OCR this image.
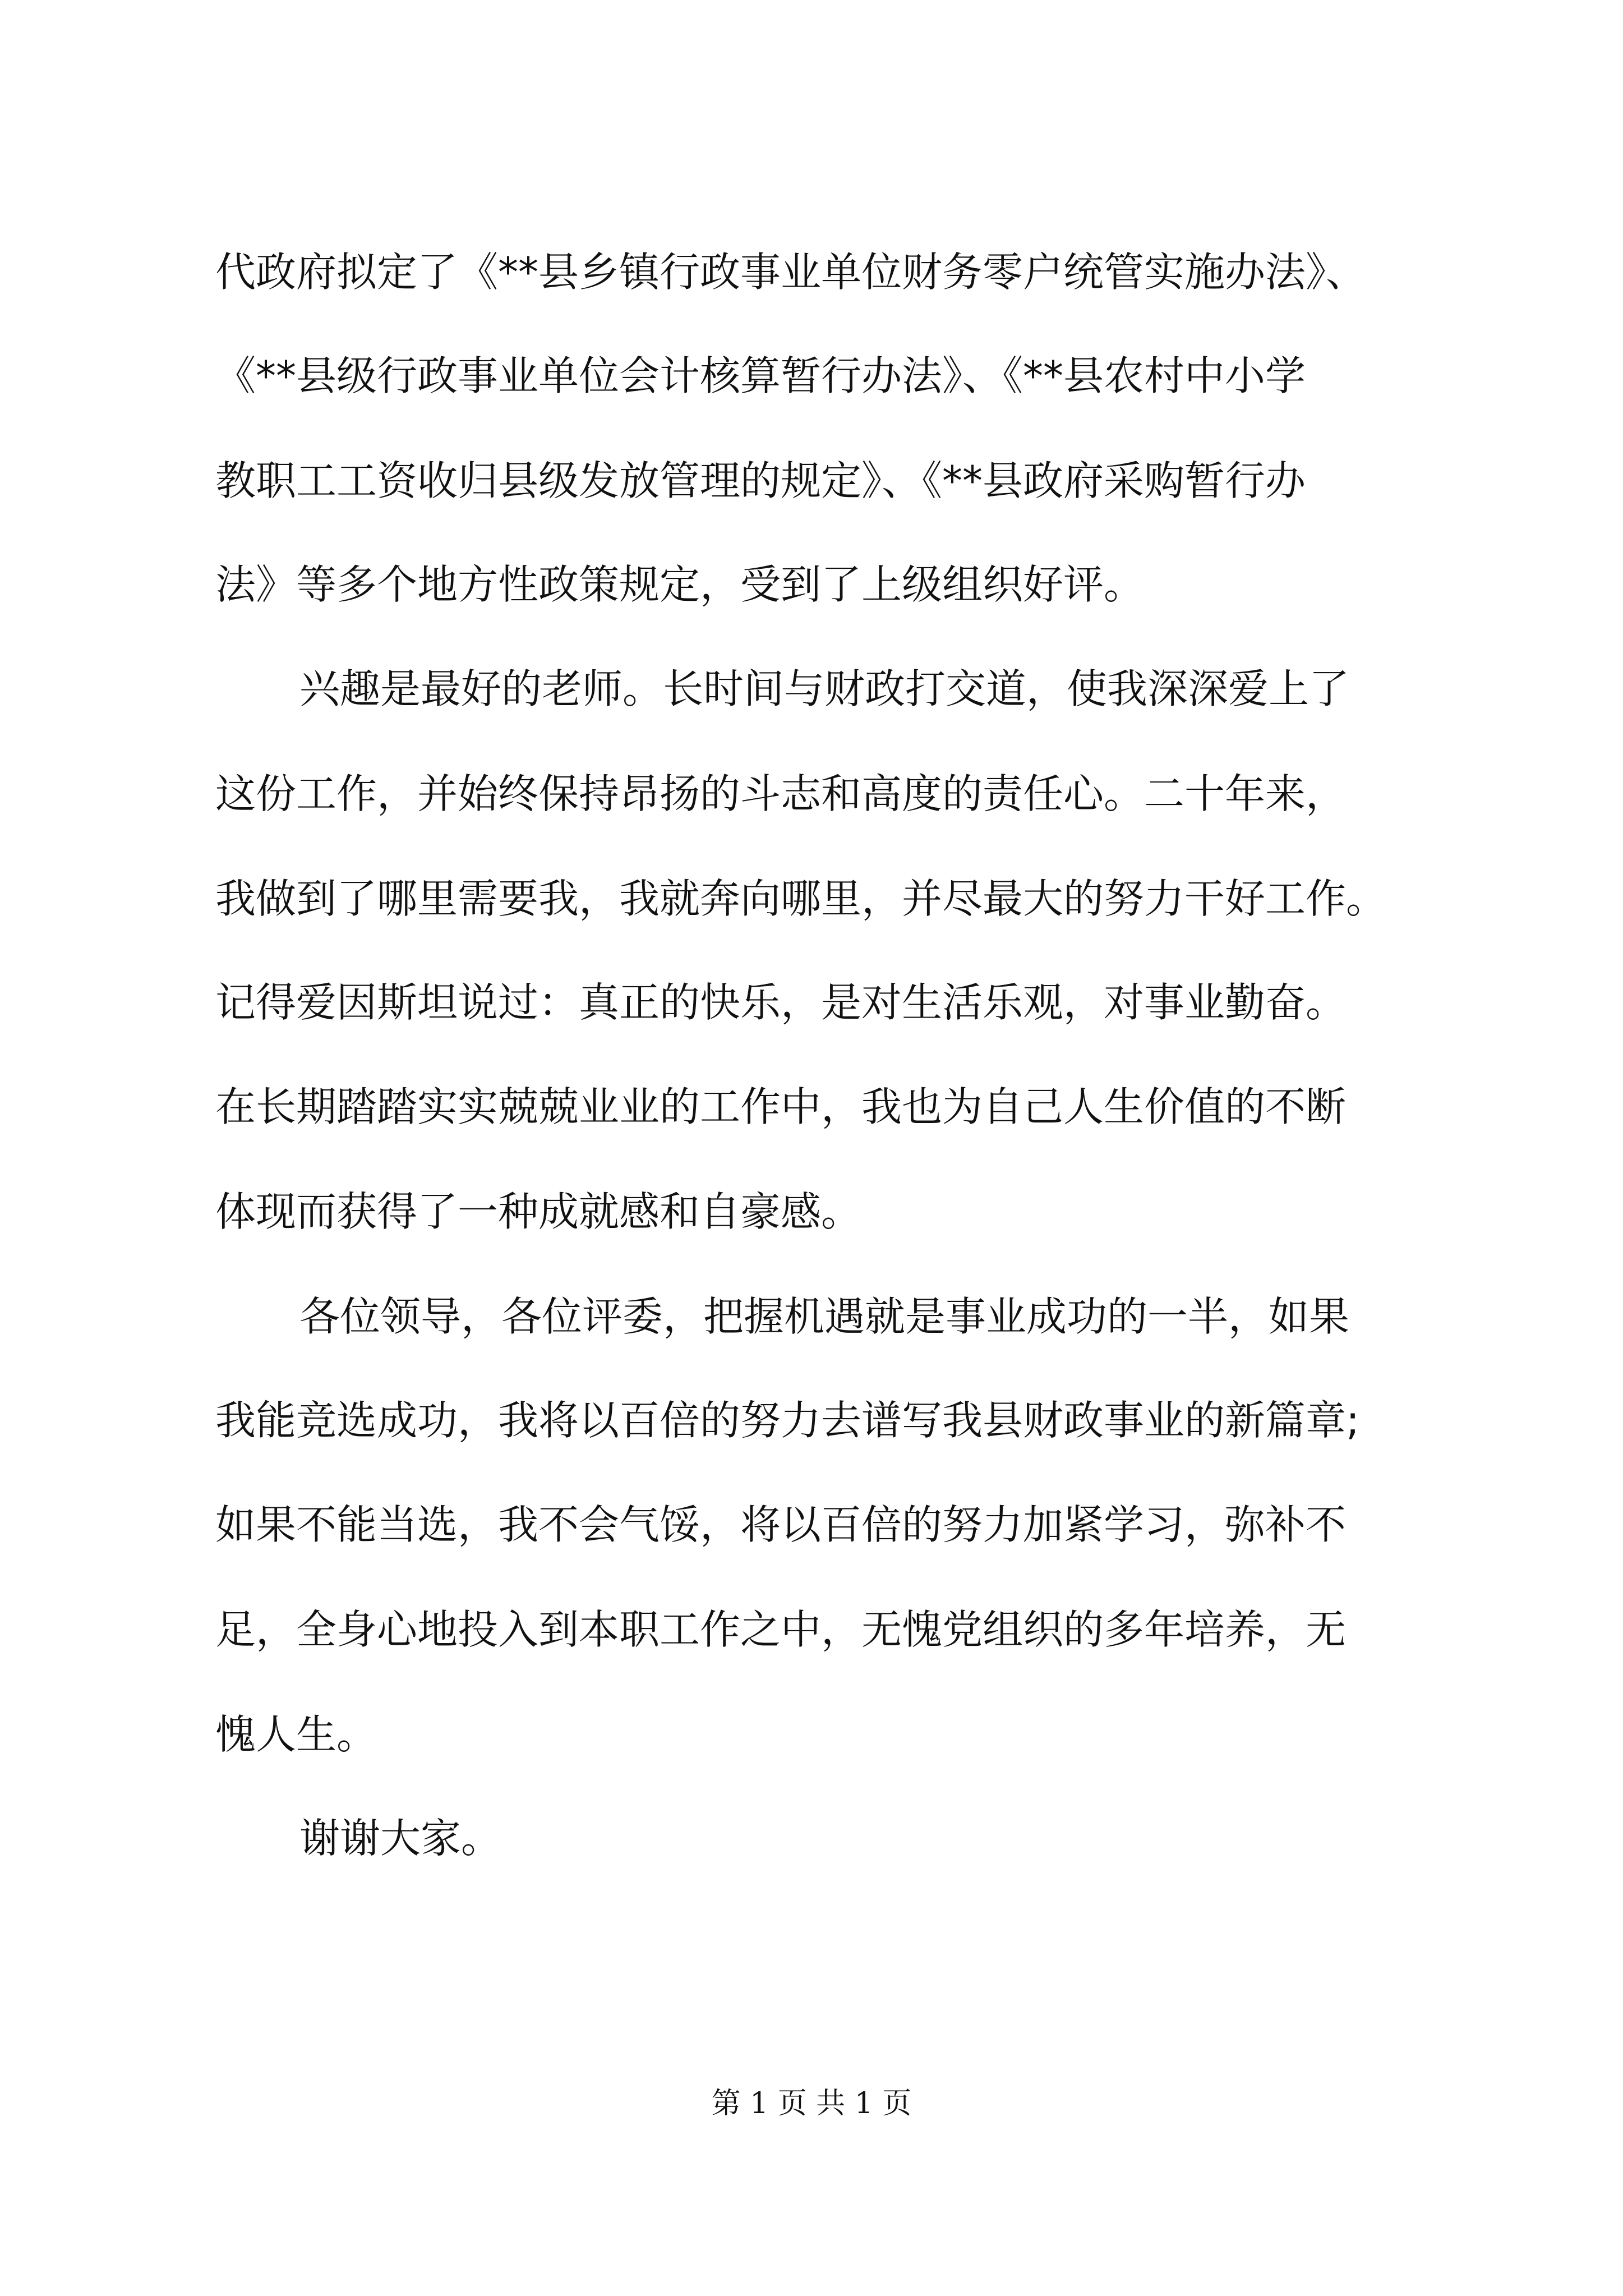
代政府拟定了《**县乡镇行政事业单位财务零户统管实施办法》、
《**县级行政事业单位会计核算暂行办法》、《**县农村中小学
教职工工资收归县级发放管理的规定》、《**县政府采购暂行办
法》等多个地方性政策规定，受到了上级组织好评。
兴趣是最好的老师。长时间与财政打交道，使我深深爱上了
这份工作，并始终保持昂扬的斗志和高度的责任心。二十年来，
我做到了哪里需要我，我就奔向哪里，并尽最大的努力干好工作。
记得爱因斯坦说过：真正的快乐，是对生活乐观，对事业勤奋。
在长期踏踏实实兢兢业业的工作中，我也为自己人生价值的不断
体现而获得了一种成就感和自豪感。
各位领导，各位评委，把握机遇就是事业成功的一半，如果
我能竞选成功，我将以百倍的努力去谱写我县财政事业的新篇章;
如果不能当选，我不会气馁，将以百倍的努力加紧学习，弥补不
足，全身心地投入到本职工作之中，无愧党组织的多年培养，无
愧人生。
谢谢大家。
第 1 页 共 1 页
